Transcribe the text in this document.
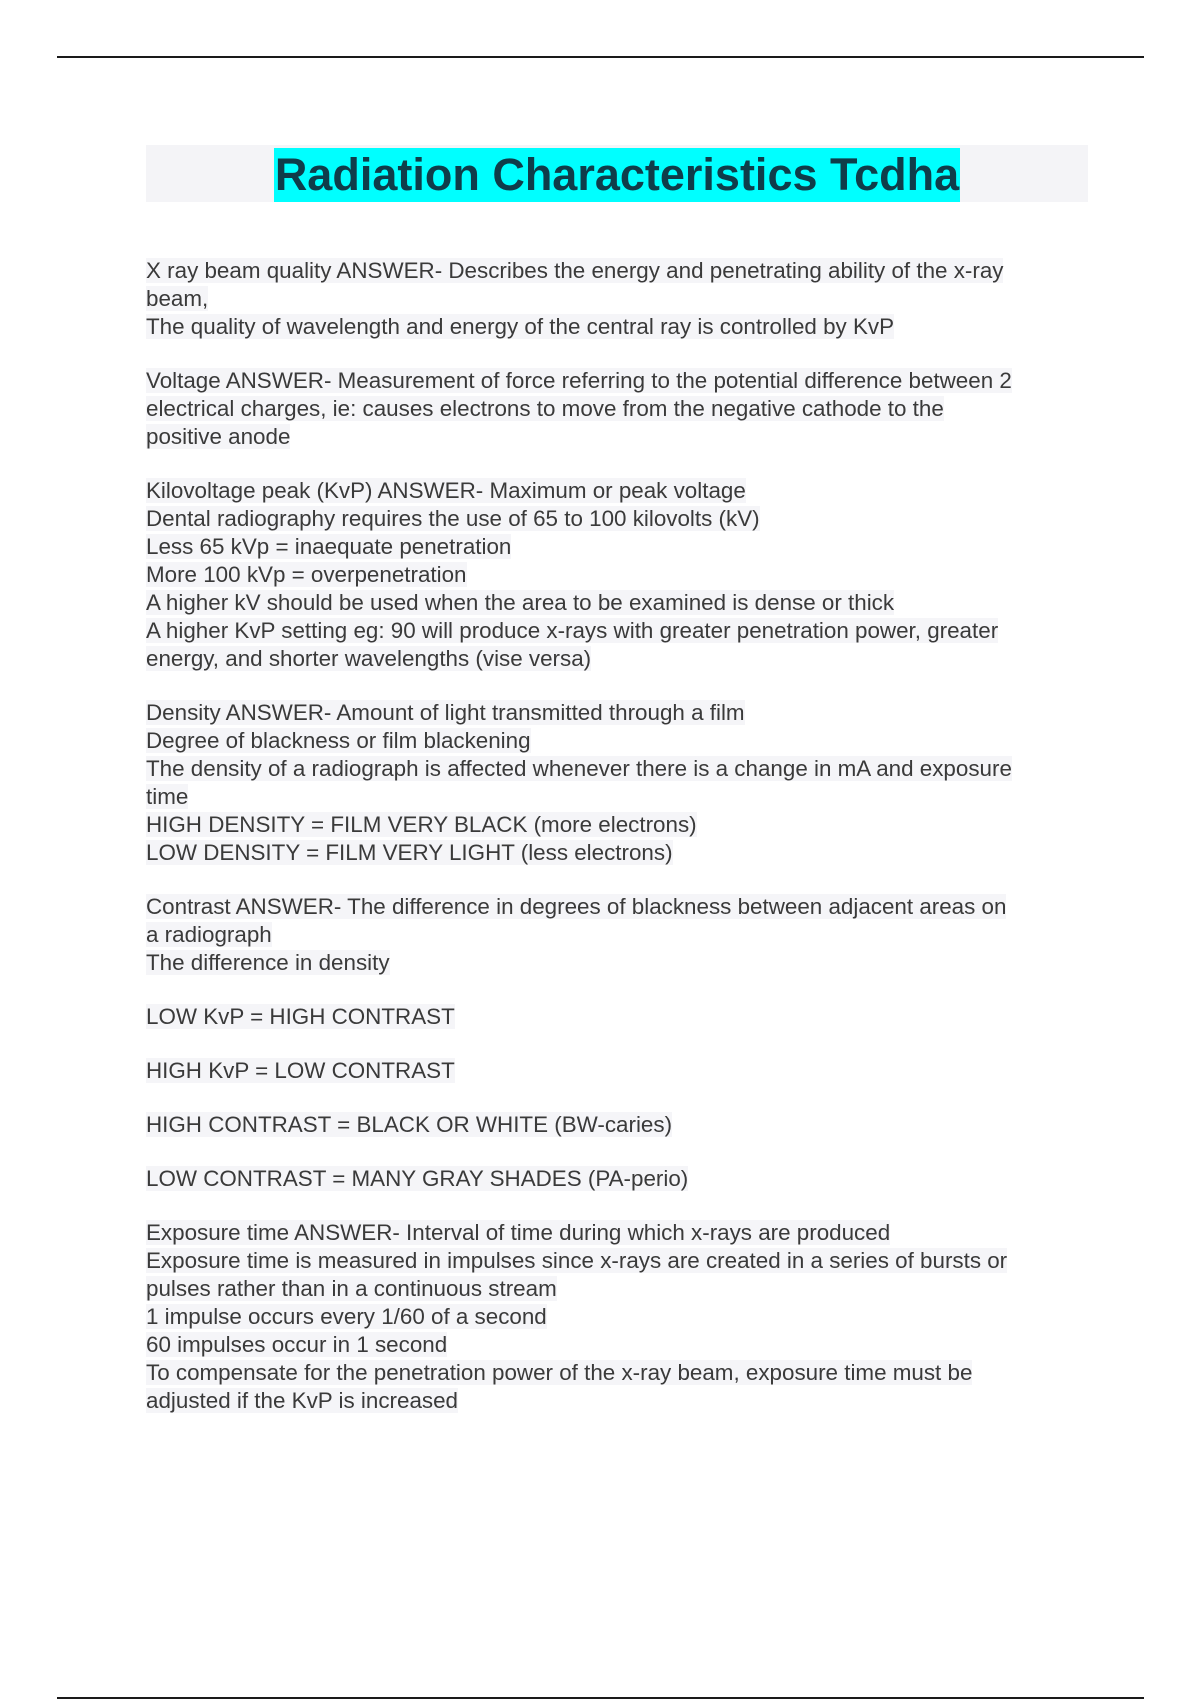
Radiation Characteristics Tcdha
X ray beam quality ANSWER- Describes the energy and penetrating ability of the x-ray
beam,
The quality of wavelength and energy of the central ray is controlled by KvP
Voltage ANSWER- Measurement of force referring to the potential difference between 2
electrical charges, ie: causes electrons to move from the negative cathode to the
positive anode
Kilovoltage peak (KvP) ANSWER- Maximum or peak voltage
Dental radiography requires the use of 65 to 100 kilovolts (kV)
Less 65 kVp = inaequate penetration
More 100 kVp = overpenetration
A higher kV should be used when the area to be examined is dense or thick
A higher KvP setting eg: 90 will produce x-rays with greater penetration power, greater
energy, and shorter wavelengths (vise versa)
Density ANSWER- Amount of light transmitted through a film
Degree of blackness or film blackening
The density of a radiograph is affected whenever there is a change in mA and exposure
time
HIGH DENSITY = FILM VERY BLACK (more electrons)
LOW DENSITY = FILM VERY LIGHT (less electrons)
Contrast ANSWER- The difference in degrees of blackness between adjacent areas on
a radiograph
The difference in density
LOW KvP = HIGH CONTRAST
HIGH KvP = LOW CONTRAST
HIGH CONTRAST = BLACK OR WHITE (BW-caries)
LOW CONTRAST = MANY GRAY SHADES (PA-perio)
Exposure time ANSWER- Interval of time during which x-rays are produced
Exposure time is measured in impulses since x-rays are created in a series of bursts or
pulses rather than in a continuous stream
1 impulse occurs every 1/60 of a second
60 impulses occur in 1 second
To compensate for the penetration power of the x-ray beam, exposure time must be
adjusted if the KvP is increased
